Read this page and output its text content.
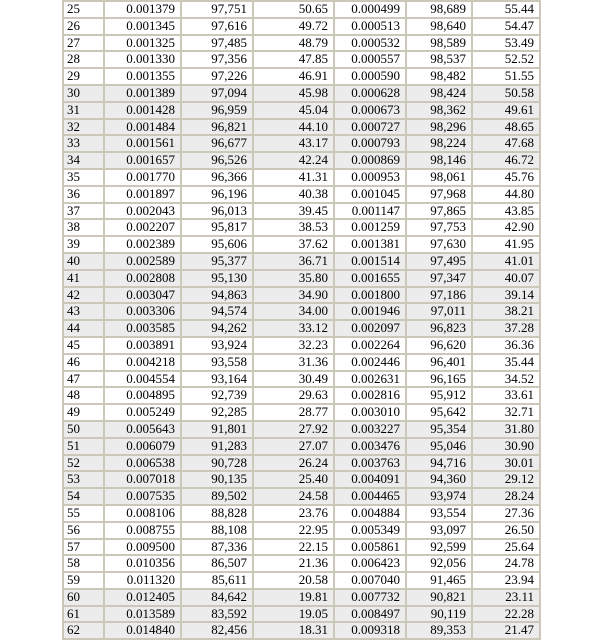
25	0.001379	97,751	50.65	0.000499	98,689	55.44
26	0.001345	97,616	49.72	0.000513	98,640	54.47
27	0.001325	97,485	48.79	0.000532	98,589	53.49
28	0.001330	97,356	47.85	0.000557	98,537	52.52
29	0.001355	97,226	46.91	0.000590	98,482	51.55
30	0.001389	97,094	45.98	0.000628	98,424	50.58
31	0.001428	96,959	45.04	0.000673	98,362	49.61
32	0.001484	96,821	44.10	0.000727	98,296	48.65
33	0.001561	96,677	43.17	0.000793	98,224	47.68
34	0.001657	96,526	42.24	0.000869	98,146	46.72
35	0.001770	96,366	41.31	0.000953	98,061	45.76
36	0.001897	96,196	40.38	0.001045	97,968	44.80
37	0.002043	96,013	39.45	0.001147	97,865	43.85
38	0.002207	95,817	38.53	0.001259	97,753	42.90
39	0.002389	95,606	37.62	0.001381	97,630	41.95
40	0.002589	95,377	36.71	0.001514	97,495	41.01
41	0.002808	95,130	35.80	0.001655	97,347	40.07
42	0.003047	94,863	34.90	0.001800	97,186	39.14
43	0.003306	94,574	34.00	0.001946	97,011	38.21
44	0.003585	94,262	33.12	0.002097	96,823	37.28
45	0.003891	93,924	32.23	0.002264	96,620	36.36
46	0.004218	93,558	31.36	0.002446	96,401	35.44
47	0.004554	93,164	30.49	0.002631	96,165	34.52
48	0.004895	92,739	29.63	0.002816	95,912	33.61
49	0.005249	92,285	28.77	0.003010	95,642	32.71
50	0.005643	91,801	27.92	0.003227	95,354	31.80
51	0.006079	91,283	27.07	0.003476	95,046	30.90
52	0.006538	90,728	26.24	0.003763	94,716	30.01
53	0.007018	90,135	25.40	0.004091	94,360	29.12
54	0.007535	89,502	24.58	0.004465	93,974	28.24
55	0.008106	88,828	23.76	0.004884	93,554	27.36
56	0.008755	88,108	22.95	0.005349	93,097	26.50
57	0.009500	87,336	22.15	0.005861	92,599	25.64
58	0.010356	86,507	21.36	0.006423	92,056	24.78
59	0.011320	85,611	20.58	0.007040	91,465	23.94
60	0.012405	84,642	19.81	0.007732	90,821	23.11
61	0.013589	83,592	19.05	0.008497	90,119	22.28
62	0.014840	82,456	18.31	0.009318	89,353	21.47
